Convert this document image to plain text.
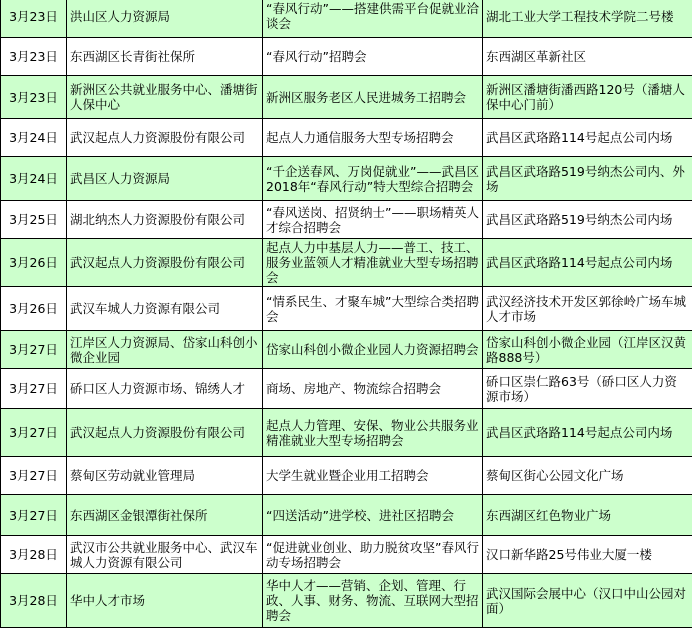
3月23日	洪山区人力资源局	“春风行动”——搭建供需平台促就业洽谈会	湖北工业大学工程技术学院二号楼
3月23日	东西湖区长青街社保所	“春风行动”招聘会	东西湖区革新社区
3月23日	新洲区公共就业服务中心、潘塘街人保中心	新洲区服务老区人民进城务工招聘会	新洲区潘塘街潘西路120号（潘塘人保中心门前）
3月24日	武汉起点人力资源股份有限公司	起点人力通信服务大型专场招聘会	武昌区武珞路114号起点公司内场
3月24日	武昌区人力资源局	“千企送春风、万岗促就业”——武昌区2018年“春风行动”特大型综合招聘会	武昌区武珞路519号纳杰公司内、外场
3月25日	湖北纳杰人力资源股份有限公司	“春风送岗、招贤纳士”——职场精英人才综合招聘会	武昌区武珞路519号纳杰公司内场
3月26日	武汉起点人力资源股份有限公司	起点人力中基层人力——普工、技工、服务业蓝领人才精准就业大型专场招聘会	武昌区武珞路114号起点公司内场
3月26日	武汉车城人力资源有限公司	“情系民生、才聚车城”大型综合类招聘会	武汉经济技术开发区郭徐岭广场车城人才市场
3月27日	江岸区人力资源局、岱家山科创小微企业园	岱家山科创小微企业园人力资源招聘会	岱家山科创小微企业园（江岸区汉黄路888号）
3月27日	硚口区人力资源市场、锦绣人才	商场、房地产、物流综合招聘会	硚口区崇仁路63号（硚口区人力资源市场）
3月27日	武汉起点人力资源股份有限公司	起点人力管理、安保、物业公共服务业精准就业大型专场招聘会	武昌区武珞路114号起点公司内场
3月27日	蔡甸区劳动就业管理局	大学生就业暨企业用工招聘会	蔡甸区街心公园文化广场
3月27日	东西湖区金银潭街社保所	“四送活动”进学校、进社区招聘会	东西湖区红色物业广场
3月28日	武汉市公共就业服务中心、武汉车城人力资源有限公司	“促进就业创业、助力脱贫攻坚”春风行动专场招聘会	汉口新华路25号伟业大厦一楼
3月28日	华中人才市场	华中人才——营销、企划、管理、行政、人事、财务、物流、互联网大型招聘会	武汉国际会展中心（汉口中山公园对面）
